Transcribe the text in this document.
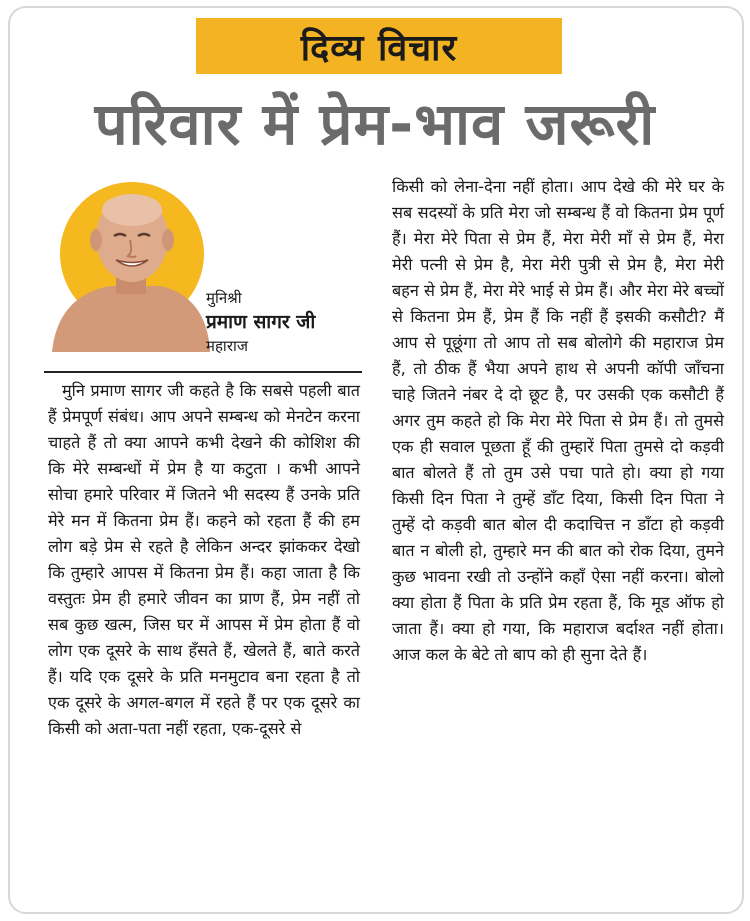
दिव्य विचार
परिवार में प्रेम-भाव जरूरी
मुनिश्री
प्रमाण सागर जी
महाराज

मुनि प्रमाण सागर जी कहते है कि सबसे पहली बात हैं प्रेमपूर्ण संबंध। आप अपने सम्बन्ध को मेनटेन करना चाहते हैं तो क्या आपने कभी देखने की कोशिश की कि मेरे सम्बन्धों में प्रेम है या कटुता । कभी आपने सोचा हमारे परिवार में जितने भी सदस्य हैं उनके प्रति मेरे मन में कितना प्रेम हैं। कहने को रहता हैं की हम लोग बड़े प्रेम से रहते है लेकिन अन्दर झांककर देखो कि तुम्हारे आपस में कितना प्रेम हैं। कहा जाता है कि वस्तुतः प्रेम ही हमारे जीवन का प्राण हैं, प्रेम नहीं तो सब कुछ खत्म, जिस घर में आपस में प्रेम होता हैं वो लोग एक दूसरे के साथ हँसते हैं, खेलते हैं, बाते करते हैं। यदि एक दूसरे के प्रति मनमुटाव बना रहता है तो एक दूसरे के अगल-बगल में रहते हैं पर एक दूसरे का किसी को अता-पता नहीं रहता, एक-दूसरे से

किसी को लेना-देना नहीं होता। आप देखे की मेरे घर के सब सदस्यों के प्रति मेरा जो सम्बन्ध हैं वो कितना प्रेम पूर्ण हैं। मेरा मेरे पिता से प्रेम हैं, मेरा मेरी माँ से प्रेम हैं, मेरा मेरी पत्नी से प्रेम है, मेरा मेरी पुत्री से प्रेम है, मेरा मेरी बहन से प्रेम हैं, मेरा मेरे भाई से प्रेम हैं। और मेरा मेरे बच्चों से कितना प्रेम हैं, प्रेम हैं कि नहीं हैं इसकी कसौटी? मैं आप से पूछूंगा तो आप तो सब बोलोगे की महाराज प्रेम हैं, तो ठीक हैं भैया अपने हाथ से अपनी कॉपी जाँचना चाहे जितने नंबर दे दो छूट है, पर उसकी एक कसौटी हैं अगर तुम कहते हो कि मेरा मेरे पिता से प्रेम हैं। तो तुमसे एक ही सवाल पूछता हूँ की तुम्हारें पिता तुमसे दो कड़वी बात बोलते हैं तो तुम उसे पचा पाते हो। क्या हो गया किसी दिन पिता ने तुम्हें डाँट दिया, किसी दिन पिता ने तुम्हें दो कड़वी बात बोल दी कदाचित्त न डाँटा हो कड़वी बात न बोली हो, तुम्हारे मन की बात को रोक दिया, तुमने कुछ भावना रखी तो उन्होंने कहाँ ऐसा नहीं करना। बोलो क्या होता हैं पिता के प्रति प्रेम रहता हैं, कि मूड ऑफ हो जाता हैं। क्या हो गया, कि महाराज बर्दाश्त नहीं होता। आज कल के बेटे तो बाप को ही सुना देते हैं।
